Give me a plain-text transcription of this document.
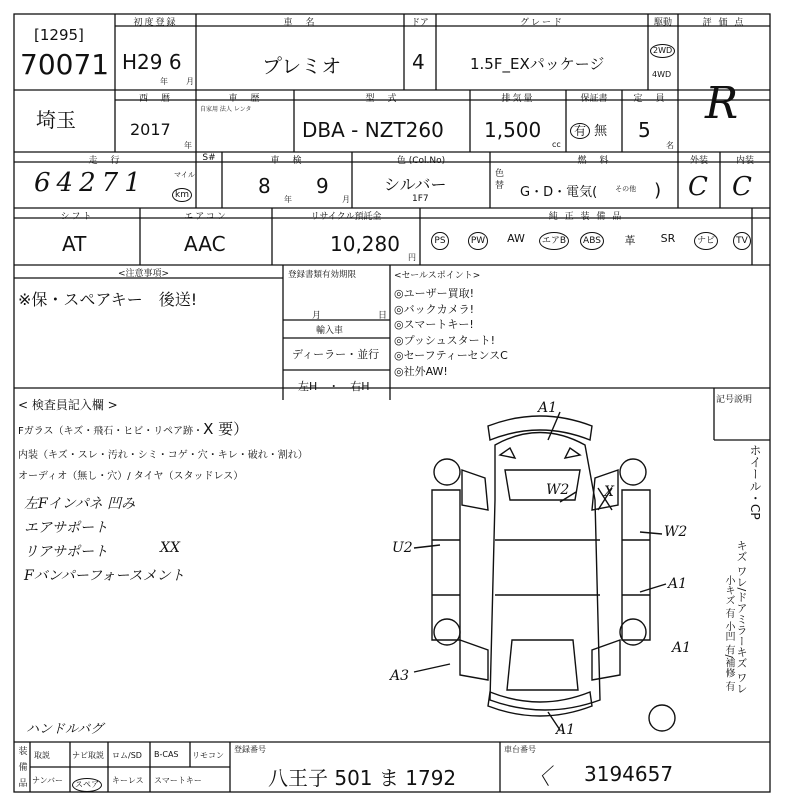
[1295]
70071
初度登録
H29 6
年 月
車　名
プレミオ
ドア
4
グレード
1.5F_EXパッケージ
駆動
2WD
4WD
評 価 点
R
埼玉
西　暦
2017
年
車　歴
自家用 法人 レンタ
型　式
DBA - NZT260
排気量
1,500
cc
保証書
有 無
定　員
5
名
走　行
64271	マイル
km
S#	車　検
8
年
9
月
色 (Col.No)
シルバー
1F7
色替
燃　料
G・D・電気(	$^{その他}$ )
外装
C
内装
C
シフト
AT
エアコン
AAC
リサイクル預託金
10,280
円
純 正 装 備 品
PS	PW	AW	エアB	ABS	革	SR	ナビ	TV
<注意事項>
※保・スペアキー　後送!
登録書類有効期限
月	日
輸入車
ディーラー・並行
左H　・　右H
<セールスポイント>
◎ユーザー買取!
◎バックカメラ!
◎スマートキー!
◎プッシュスタート!
◎セーフティーセンスC
◎社外AW!
< 検査員記入欄 >
Fガラス（キズ・飛石・ヒビ・リペア跡・X 要）
内装（キズ・スレ・汚れ・シミ・コゲ・穴・キレ・破れ・割れ）
オーディオ（無し・穴）/ タイヤ（スタッドレス）
左Fインパネ 凹み
エアサポート
リアサポート
Fバンパーフォースメント
XX
ハンドルバグ
A1
W2 X
U2
W2
A1
A1
A3
A1
記号説明
ホイール・CP
キズ ワレ/ドアミラーキズ ワレ
小キズ 有 小凹 有/補修 有
装
備
品
取説	ナビ取説 ロム/SD B-CAS リモコン
ナンバー	スペア	キーレス スマートキー
登録番号
八王子 501 ま 1792
車台番号
〈 3194657
